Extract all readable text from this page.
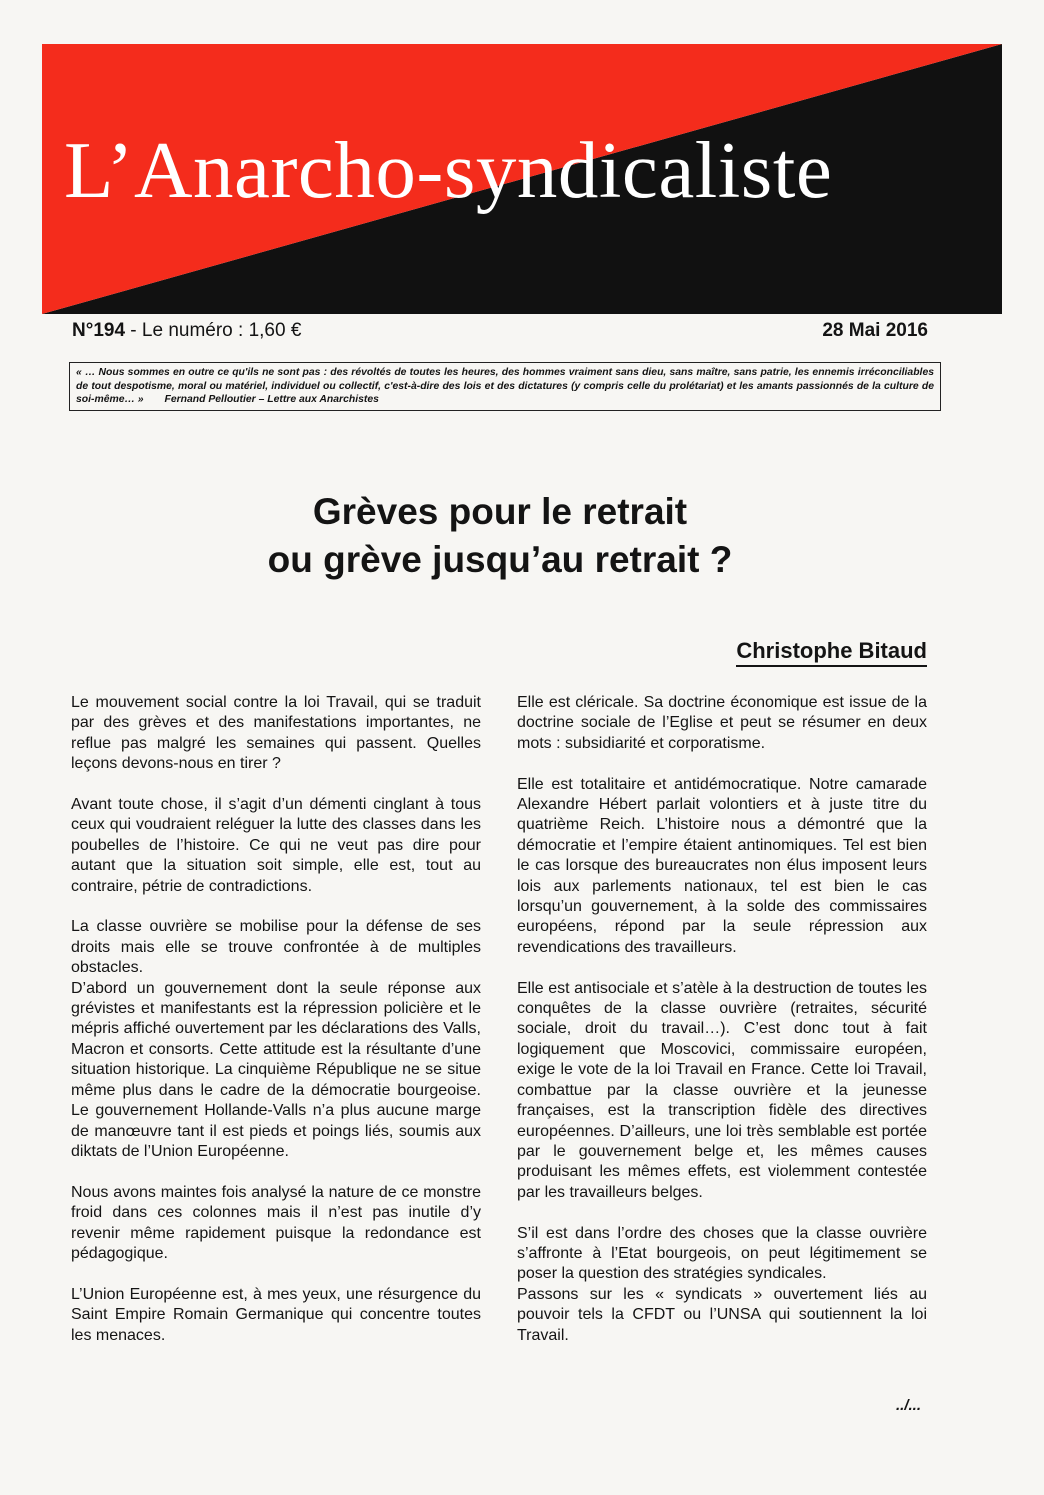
L’Anarcho-syndicaliste
N°194 - Le numéro : 1,60 €	28 Mai 2016
« … Nous sommes en outre ce qu'ils ne sont pas : des révoltés de toutes les heures, des hommes vraiment sans dieu, sans maître, sans patrie, les ennemis irréconciliables de tout despotisme, moral ou matériel, individuel ou collectif, c'est-à-dire des lois et des dictatures (y compris celle du prolétariat) et les amants passionnés de la culture de soi-même… » Fernand Pelloutier – Lettre aux Anarchistes
Grèves pour le retrait
ou grève jusqu’au retrait ?
Christophe Bitaud

Le mouvement social contre la loi Travail, qui se traduit par des grèves et des manifestations importantes, ne reflue pas malgré les semaines qui passent. Quelles leçons devons-nous en tirer ?

Avant toute chose, il s’agit d’un démenti cinglant à tous ceux qui voudraient reléguer la lutte des classes dans les poubelles de l’histoire. Ce qui ne veut pas dire pour autant que la situation soit simple, elle est, tout au contraire, pétrie de contradictions.

La classe ouvrière se mobilise pour la défense de ses droits mais elle se trouve confrontée à de multiples obstacles.

D’abord un gouvernement dont la seule réponse aux grévistes et manifestants est la répression policière et le mépris affiché ouvertement par les déclarations des Valls, Macron et consorts. Cette attitude est la résultante d’une situation historique. La cinquième République ne se situe même plus dans le cadre de la démocratie bourgeoise. Le gouvernement Hollande-Valls n’a plus aucune marge de manœuvre tant il est pieds et poings liés, soumis aux diktats de l’Union Européenne.

Nous avons maintes fois analysé la nature de ce monstre froid dans ces colonnes mais il n’est pas inutile d’y revenir même rapidement puisque la redondance est pédagogique.

L’Union Européenne est, à mes yeux, une résurgence du Saint Empire Romain Germanique qui concentre toutes les menaces.

Elle est cléricale. Sa doctrine économique est issue de la doctrine sociale de l’Eglise et peut se résumer en deux mots : subsidiarité et corporatisme.

Elle est totalitaire et antidémocratique. Notre camarade Alexandre Hébert parlait volontiers et à juste titre du quatrième Reich. L’histoire nous a démontré que la démocratie et l’empire étaient antinomiques. Tel est bien le cas lorsque des bureaucrates non élus imposent leurs lois aux parlements nationaux, tel est bien le cas lorsqu’un gouvernement, à la solde des commissaires européens, répond par la seule répression aux revendications des travailleurs.

Elle est antisociale et s’atèle à la destruction de toutes les conquêtes de la classe ouvrière (retraites, sécurité sociale, droit du travail…). C’est donc tout à fait logiquement que Moscovici, commissaire européen, exige le vote de la loi Travail en France. Cette loi Travail, combattue par la classe ouvrière et la jeunesse françaises, est la transcription fidèle des directives européennes. D’ailleurs, une loi très semblable est portée par le gouvernement belge et, les mêmes causes produisant les mêmes effets, est violemment contestée par les travailleurs belges.

S’il est dans l’ordre des choses que la classe ouvrière s’affronte à l’Etat bourgeois, on peut légitimement se poser la question des stratégies syndicales.

Passons sur les « syndicats » ouvertement liés au pouvoir tels la CFDT ou l’UNSA qui soutiennent la loi Travail.

../...
